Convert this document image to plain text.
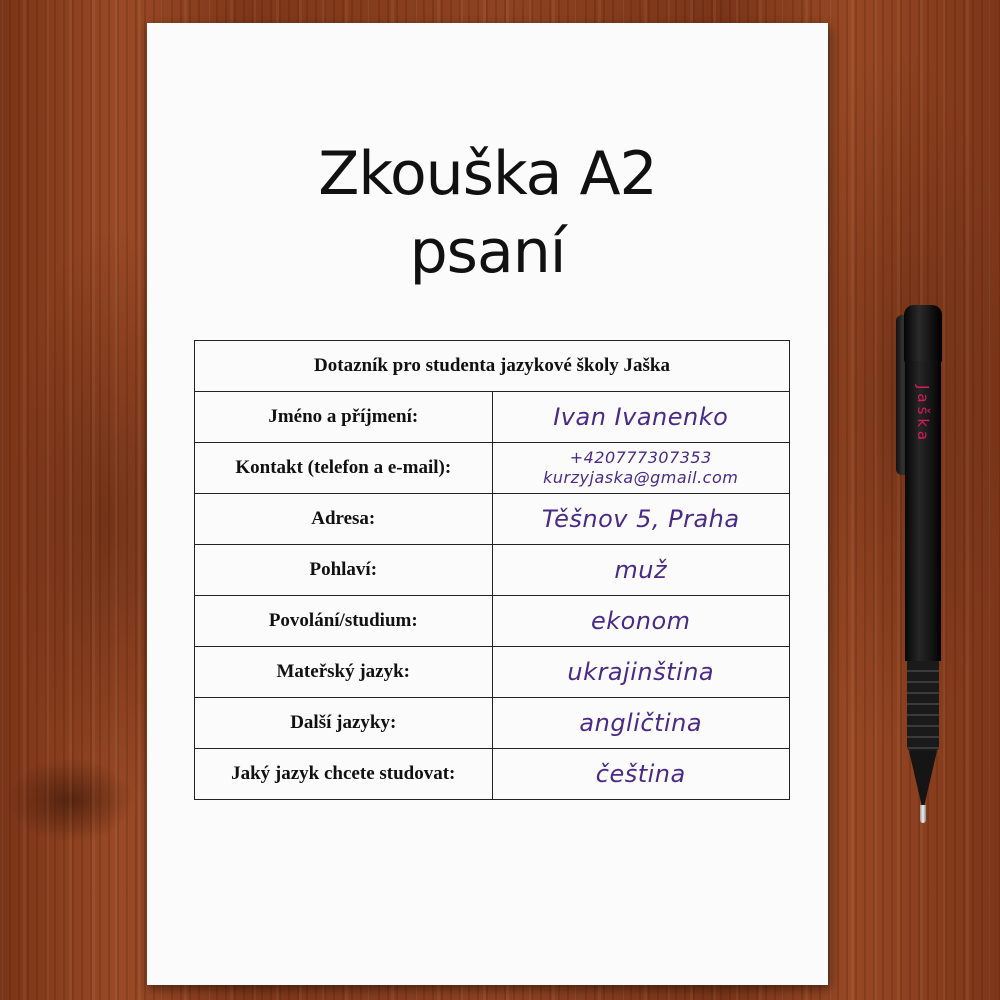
Zkouška A2
psaní
Dotazník pro studenta jazykové školy Jaška	
Jméno a příjmení:	Ivan Ivanenko
Kontakt (telefon a e-mail):	+420777307353
kurzyjaska@gmail.com

Adresa:	Těšnov 5, Praha
Pohlaví:	muž
Povolání/studium:	ekonom
Mateřský jazyk:	ukrajinština
Další jazyky:	angličtina
Jaký jazyk chcete studovat:	čeština
Jaška
